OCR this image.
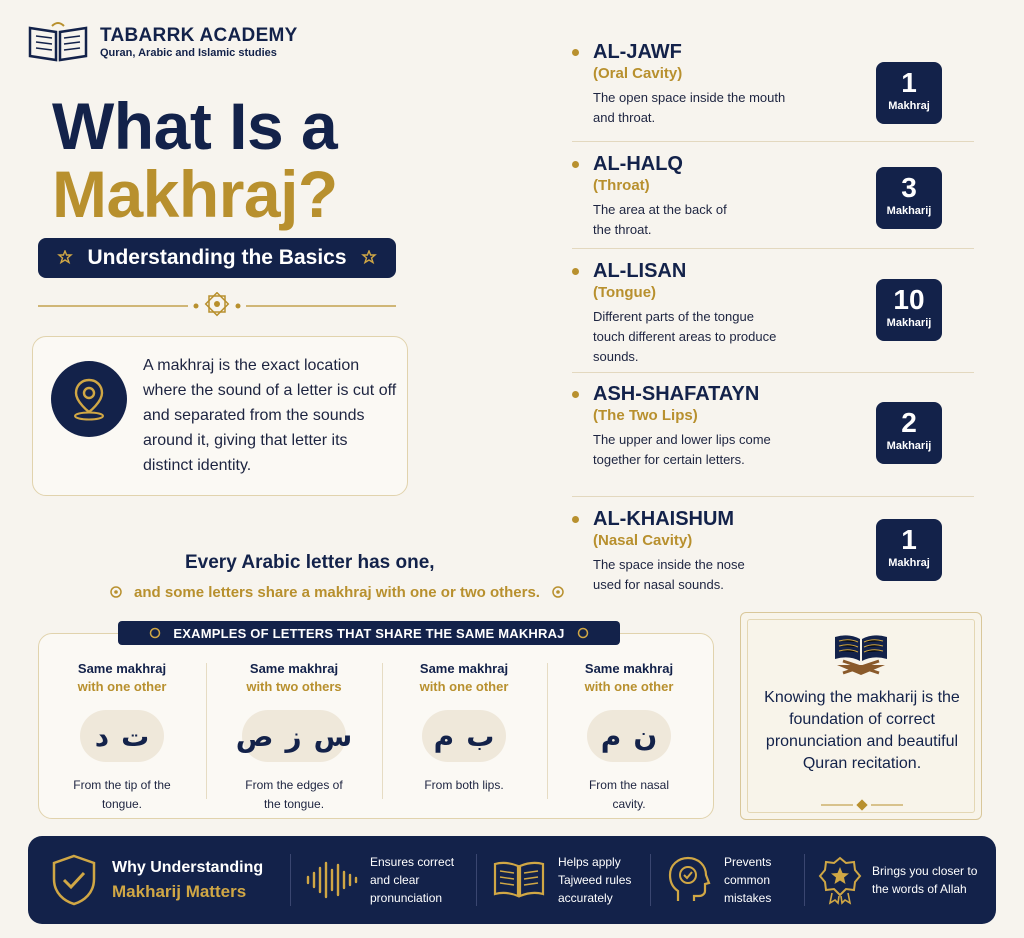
TABARRK ACADEMY
Quran, Arabic and Islamic studies
What Is a
Makhraj?
Understanding the Basics
A makhraj is the exact location where the sound of a letter is cut off and separated from the sounds around it, giving that letter its distinct identity.
Every Arabic letter has one,
and some letters share a makhraj with one or two others.
EXAMPLES OF LETTERS THAT SHARE THE SAME MAKHRAJ
Same makhraj
with one other
ت
د
From the tip of the tongue.
Same makhraj
with two others
س
ز
ص
From the edges of the tongue.
Same makhraj
with one other
ب
م
From both lips.
Same makhraj
with one other
ن
م
From the nasal cavity.
AL-JAWF
(Oral Cavity)
The open space inside the mouth and throat.
1
Makhraj
AL-HALQ
(Throat)
The area at the back of the throat.
3
Makharij
AL-LISAN
(Tongue)
Different parts of the tongue touch different areas to produce sounds.
10
Makharij
ASH-SHAFATAYN
(The Two Lips)
The upper and lower lips come together for certain letters.
2
Makharij
AL-KHAISHUM
(Nasal Cavity)
The space inside the nose used for nasal sounds.
1
Makhraj
Knowing the makharij is the foundation of correct pronunciation and beautiful Quran recitation.
Why Understanding
Makharij Matters
Ensures correct and clear pronunciation
Helps apply Tajweed rules accurately
Prevents common mistakes
Brings you closer to the words of Allah
